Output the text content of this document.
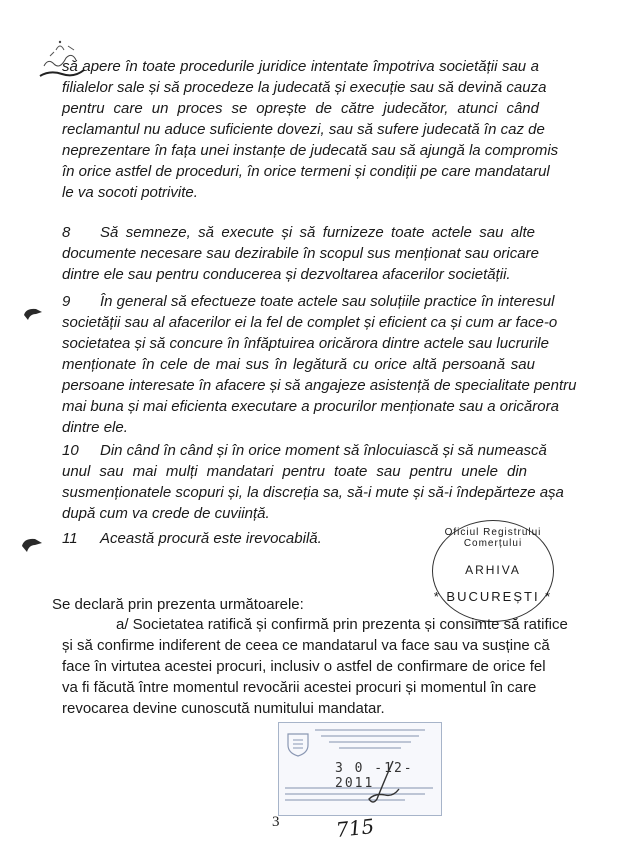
să apere în toate procedurile juridice intentate împotriva societății sau a
filialelor sale și să procedeze la judecată și execuție sau să devină cauza
pentru care un proces se oprește de către judecător, atunci când
reclamantul nu aduce suficiente dovezi, sau să sufere judecată în caz de
neprezentare în fața unei instanțe de judecată sau să ajungă la compromis
în orice astfel de proceduri, în orice termeni și condiții pe care mandatarul
le va socoti potrivite.
8 Să semneze, să execute și să furnizeze toate actele sau alte
documente necesare sau dezirabile în scopul sus menționat sau oricare
dintre ele sau pentru conducerea și dezvoltarea afacerilor societății.
9 În general să efectueze toate actele sau soluțiile practice în interesul
societății sau al afacerilor ei la fel de complet și eficient ca și cum ar face-o
societatea și să concure în înfăptuirea oricărora dintre actele sau lucrurile
menționate în cele de mai sus în legătură cu orice altă persoană sau
persoane interesate în afacere și să angajeze asistență de specialitate pentru
mai buna și mai eficienta executare a procurilor menționate sau a oricărora
dintre ele.
10 Din când în când și în orice moment să înlocuiască și să numească
unul sau mai mulți mandatari pentru toate sau pentru unele din
susmenționatele scopuri și, la discreția sa, să-i mute și să-i îndepărteze așa
după cum va crede de cuviință.
11 Această procură este irevocabilă.	Oficiul Registrului Comerțului
ARHIVA
* BUCUREȘTI *
Se declară prin prezenta următoarele:
a/ Societatea ratifică și confirmă prin prezenta și consimte să ratifice
și să confirme indiferent de ceea ce mandatarul va face sau va susține că
face în virtutea acestei procuri, inclusiv o astfel de confirmare de orice fel
va fi făcută între momentul revocării acestei procuri și momentul în care
revocarea devine cunoscută numitului mandatar.
3 0 -12- 2011
3	715
